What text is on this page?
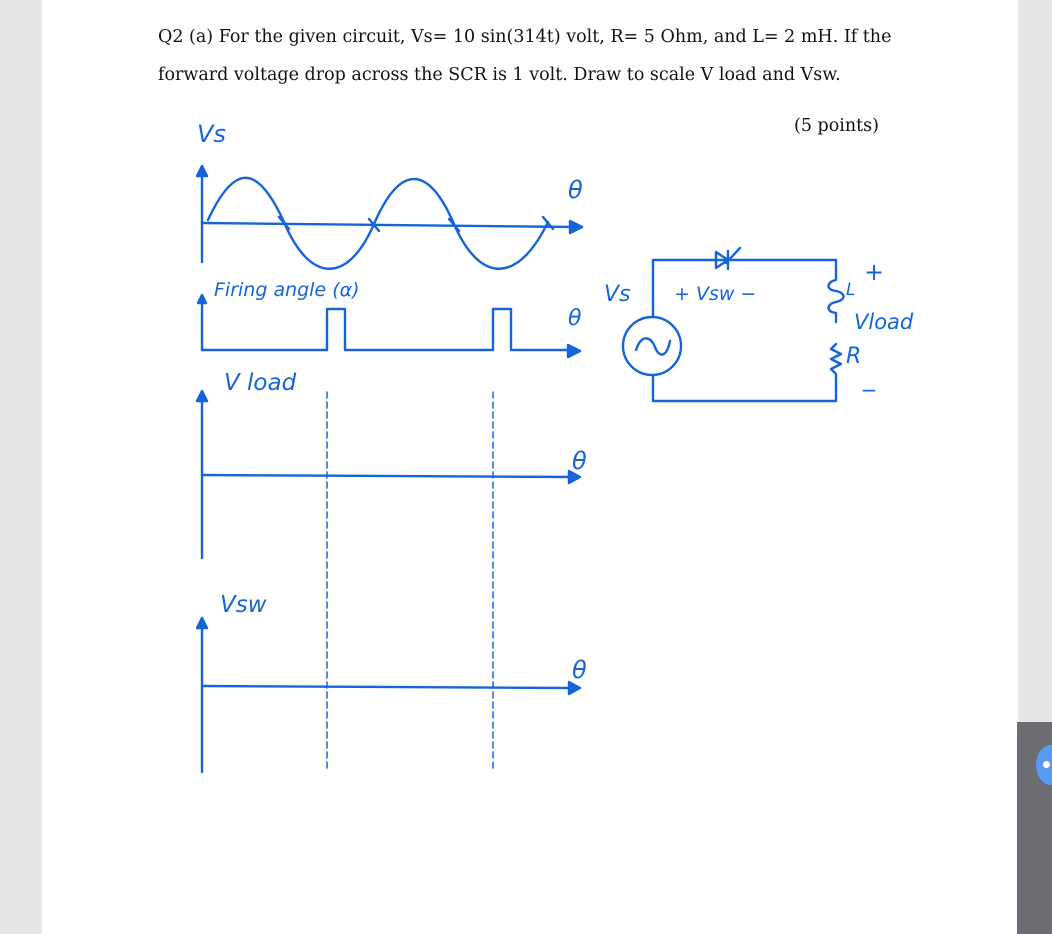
Q2 (a) For the given circuit, Vs= 10 sin(314t) volt, R= 5 Ohm, and L= 2 mH. If the
forward voltage drop across the SCR is 1 volt. Draw to scale V load and Vsw.

(5 points)
Vs
θ
Firing angle (α)
θ
V load
θ
Vsw
θ
Vs + Vsw −	L
+
Vload
R
_
